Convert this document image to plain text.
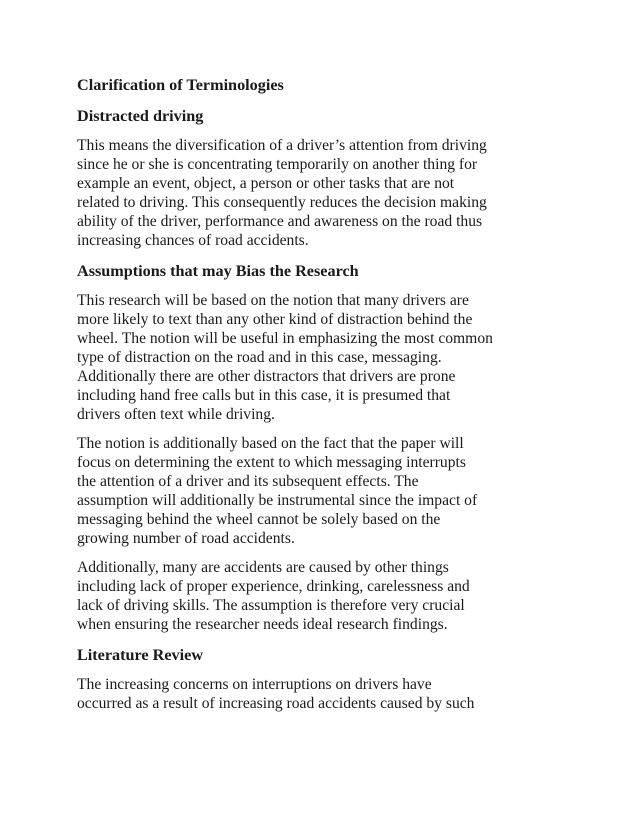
Clarification of Terminologies
Distracted driving
This means the diversification of a driver’s attention from driving
since he or she is concentrating temporarily on another thing for
example an event, object, a person or other tasks that are not
related to driving. This consequently reduces the decision making
ability of the driver, performance and awareness on the road thus
increasing chances of road accidents.
Assumptions that may Bias the Research
This research will be based on the notion that many drivers are
more likely to text than any other kind of distraction behind the
wheel. The notion will be useful in emphasizing the most common
type of distraction on the road and in this case, messaging.
Additionally there are other distractors that drivers are prone
including hand free calls but in this case, it is presumed that
drivers often text while driving.
The notion is additionally based on the fact that the paper will
focus on determining the extent to which messaging interrupts
the attention of a driver and its subsequent effects. The
assumption will additionally be instrumental since the impact of
messaging behind the wheel cannot be solely based on the
growing number of road accidents.
Additionally, many are accidents are caused by other things
including lack of proper experience, drinking, carelessness and
lack of driving skills. The assumption is therefore very crucial
when ensuring the researcher needs ideal research findings.
Literature Review
The increasing concerns on interruptions on drivers have
occurred as a result of increasing road accidents caused by such
